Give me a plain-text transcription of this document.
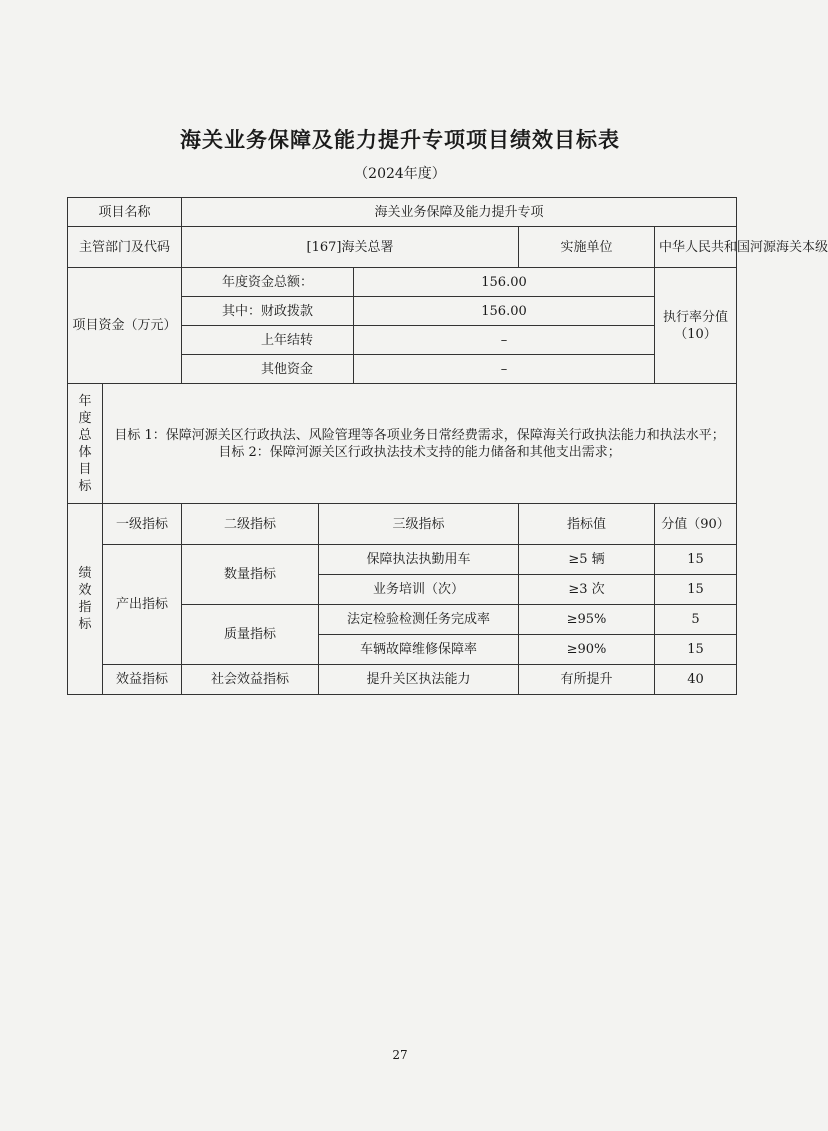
海关业务保障及能力提升专项项目绩效目标表
（2024年度）
项目名称		海关业务保障及能力提升专项				
主管部门及代码		[167]海关总署			实施单位	中华人民共和国河源海关本级
项目资金（万元）		年度资金总额：		156.00		执行率分值（10）
		其中：财政拨款		156.00		
		上年结转		–		
		其他资金		–		
年度总体目标	目标 1：保障河源关区行政执法、风险管理等各项业务日常经费需求，保障海关行政执法能力和执法水平；
目标 2：保障河源关区行政执法技术支持的能力储备和其他支出需求；					

绩效指标	一级指标	二级指标	三级指标		指标值	分值（90）
	产出指标	数量指标	保障执法执勤用车		≥5 辆	15
			业务培训（次）		≥3 次	15
		质量指标	法定检验检测任务完成率		≥95%	5
			车辆故障维修保障率		≥90%	15
	效益指标	社会效益指标	提升关区执法能力		有所提升	40
27
